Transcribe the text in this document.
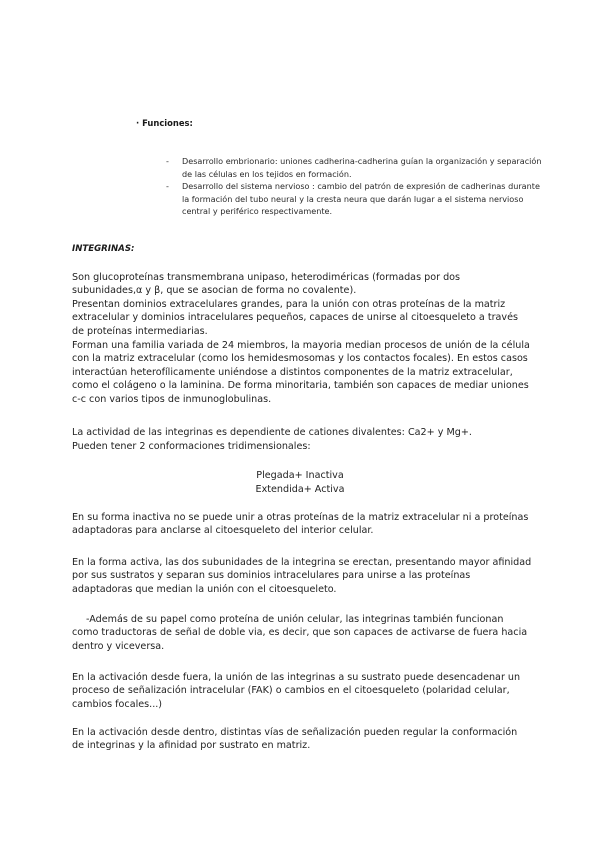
· Funciones:

- Desarrollo embrionario: uniones cadherina-cadherina guían la organización y separación de las células en los tejidos en formación.
- Desarrollo del sistema nervioso : cambio del patrón de expresión de cadherinas durante la formación del tubo neural y la cresta neura que darán lugar a el sistema nervioso central y periférico respectivamente.

INTEGRINAS:

Son glucoproteínas transmembrana unipaso, heterodiméricas (formadas por dos subunidades,α y β, que se asocian de forma no covalente).

Presentan dominios extracelulares grandes, para la unión con otras proteínas de la matriz extracelular y dominios intracelulares pequeños, capaces de unirse al citoesqueleto a través de proteínas intermediarias.

Forman una familia variada de 24 miembros, la mayoria median procesos de unión de la célula con la matriz extracelular (como los hemidesmosomas y los contactos focales). En estos casos interactúan heterofílicamente uniéndose a distintos componentes de la matriz extracelular, como el colágeno o la laminina. De forma minoritaria, también son capaces de mediar uniones c-c con varios tipos de inmunoglobulinas.

La actividad de las integrinas es dependiente de cationes divalentes: Ca2+ y Mg+.

Pueden tener 2 conformaciones tridimensionales:

Plegada+ Inactiva

Extendida+ Activa

En su forma inactiva no se puede unir a otras proteínas de la matriz extracelular ni a proteínas adaptadoras para anclarse al citoesqueleto del interior celular.

En la forma activa, las dos subunidades de la integrina se erectan, presentando mayor afinidad por sus sustratos y separan sus dominios intracelulares para unirse a las proteínas adaptadoras que median la unión con el citoesqueleto.

-Además de su papel como proteína de unión celular, las integrinas también funcionan como traductoras de señal de doble via, es decir, que son capaces de activarse de fuera hacia dentro y viceversa.

En la activación desde fuera, la unión de las integrinas a su sustrato puede desencadenar un proceso de señalización intracelular (FAK) o cambios en el citoesqueleto (polaridad celular, cambios focales...)

En la activación desde dentro, distintas vías de señalización pueden regular la conformación de integrinas y la afinidad por sustrato en matriz.
